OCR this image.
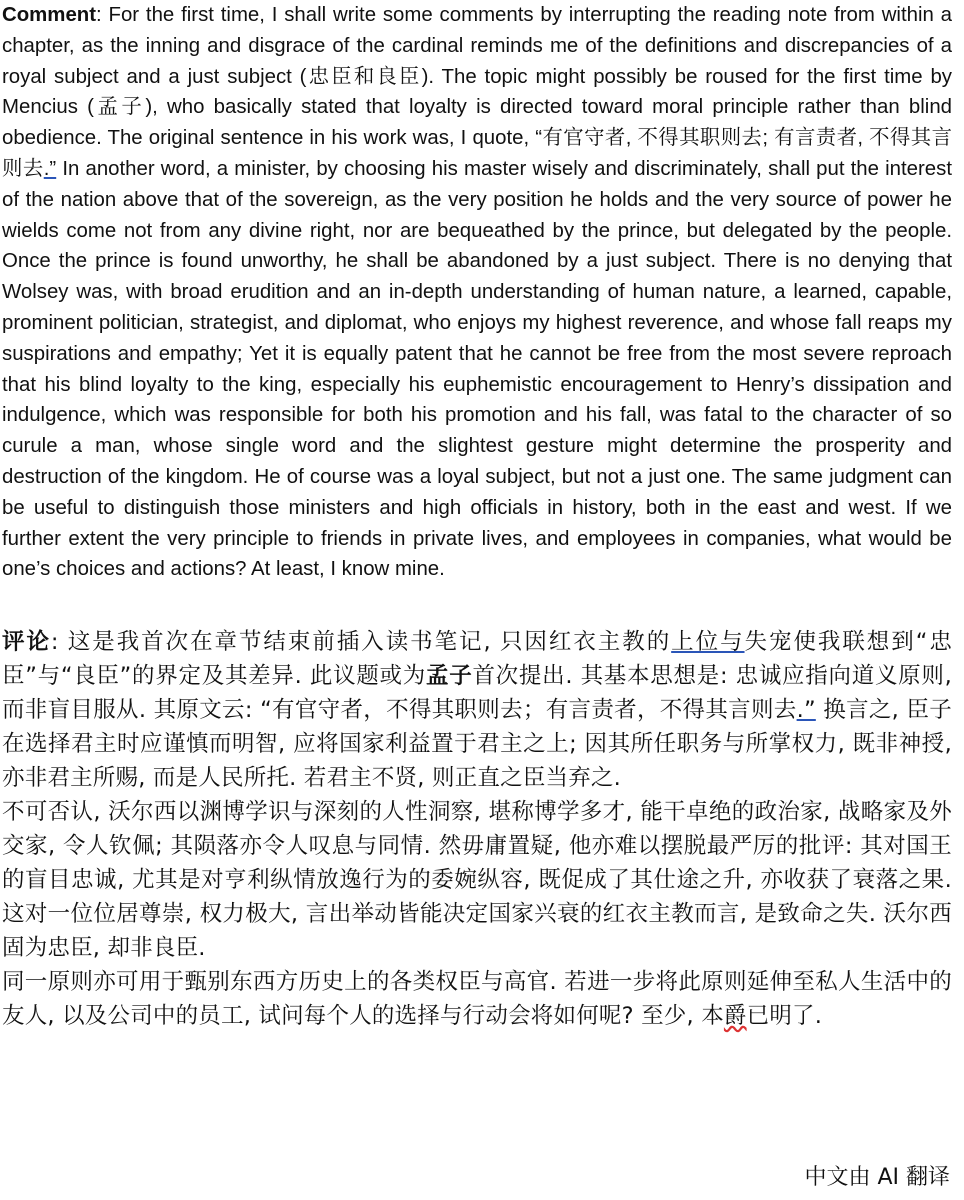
Comment: For the first time, I shall write some comments by interrupting the reading note from within a chapter, as the inning and disgrace of the cardinal reminds me of the definitions and discrepancies of a royal subject and a just subject (忠臣和良臣). The topic might possibly be roused for the first time by Mencius (孟子), who basically stated that loyalty is directed toward moral principle rather than blind obedience. The original sentence in his work was, I quote, “有官守者, 不得其职则去; 有言责者, 不得其言则去.” In another word, a minister, by choosing his master wisely and discriminately, shall put the interest of the nation above that of the sovereign, as the very position he holds and the very source of power he wields come not from any divine right, nor are bequeathed by the prince, but delegated by the people. Once the prince is found unworthy, he shall be abandoned by a just subject. There is no denying that Wolsey was, with broad erudition and an in-depth understanding of human nature, a learned, capable, prominent politician, strategist, and diplomat, who enjoys my highest reverence, and whose fall reaps my suspirations and empathy; Yet it is equally patent that he cannot be free from the most severe reproach that his blind loyalty to the king, especially his euphemistic encouragement to Henry’s dissipation and indulgence, which was responsible for both his promotion and his fall, was fatal to the character of so curule a man, whose single word and the slightest gesture might determine the prosperity and destruction of the kingdom. He of course was a loyal subject, but not a just one. The same judgment can be useful to distinguish those ministers and high officials in history, both in the east and west. If we further extent the very principle to friends in private lives, and employees in companies, what would be one’s choices and actions? At least, I know mine.

评论: 这是我首次在章节结束前插入读书笔记, 只因红衣主教的上位与失宠使我联想到“忠臣”与“良臣”的界定及其差异. 此议题或为孟子首次提出. 其基本思想是: 忠诚应指向道义原则, 而非盲目服从. 其原文云: “有官守者，不得其职则去；有言责者，不得其言则去.” 换言之, 臣子在选择君主时应谨慎而明智, 应将国家利益置于君主之上; 因其所任职务与所掌权力, 既非神授, 亦非君主所赐, 而是人民所托. 若君主不贤, 则正直之臣当弃之.

不可否认, 沃尔西以渊博学识与深刻的人性洞察, 堪称博学多才, 能干卓绝的政治家, 战略家及外交家, 令人钦佩; 其陨落亦令人叹息与同情. 然毋庸置疑, 他亦难以摆脱最严厉的批评: 其对国王的盲目忠诚, 尤其是对亨利纵情放逸行为的委婉纵容, 既促成了其仕途之升, 亦收获了衰落之果. 这对一位位居尊崇, 权力极大, 言出举动皆能决定国家兴衰的红衣主教而言, 是致命之失. 沃尔西固为忠臣, 却非良臣.

同一原则亦可用于甄别东西方历史上的各类权臣与高官. 若进一步将此原则延伸至私人生活中的友人, 以及公司中的员工, 试问每个人的选择与行动会将如何呢? 至少, 本爵已明了.

中文由 AI 翻译
